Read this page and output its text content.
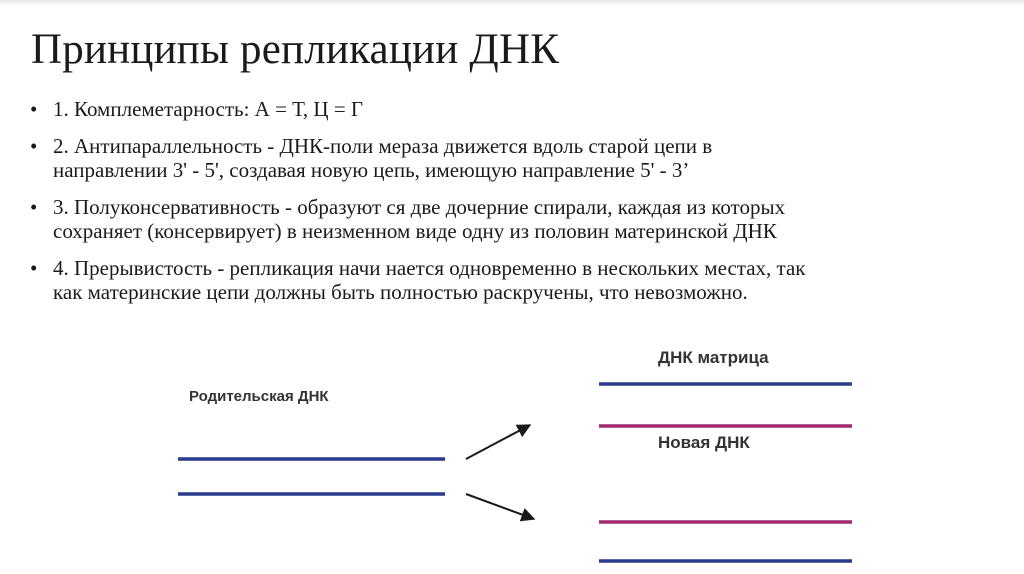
Принципы репликации ДНК
• 1. Комплеметарность: А = Т, Ц = Г
• 2. Антипараллельность - ДНК-поли мераза движется вдоль старой цепи в
направлении 3' - 5', создавая новую цепь, имеющую направление 5' - 3’
• 3. Полуконсервативность - образуют ся две дочерние спирали, каждая из которых
сохраняет (консервирует) в неизменном виде одну из половин материнской ДНК
• 4. Прерывистость - репликация начи нается одновременно в нескольких местах, так
как материнские цепи должны быть полностью раскручены, что невозможно.
Родительская ДНК
ДНК матрица
Новая ДНК
